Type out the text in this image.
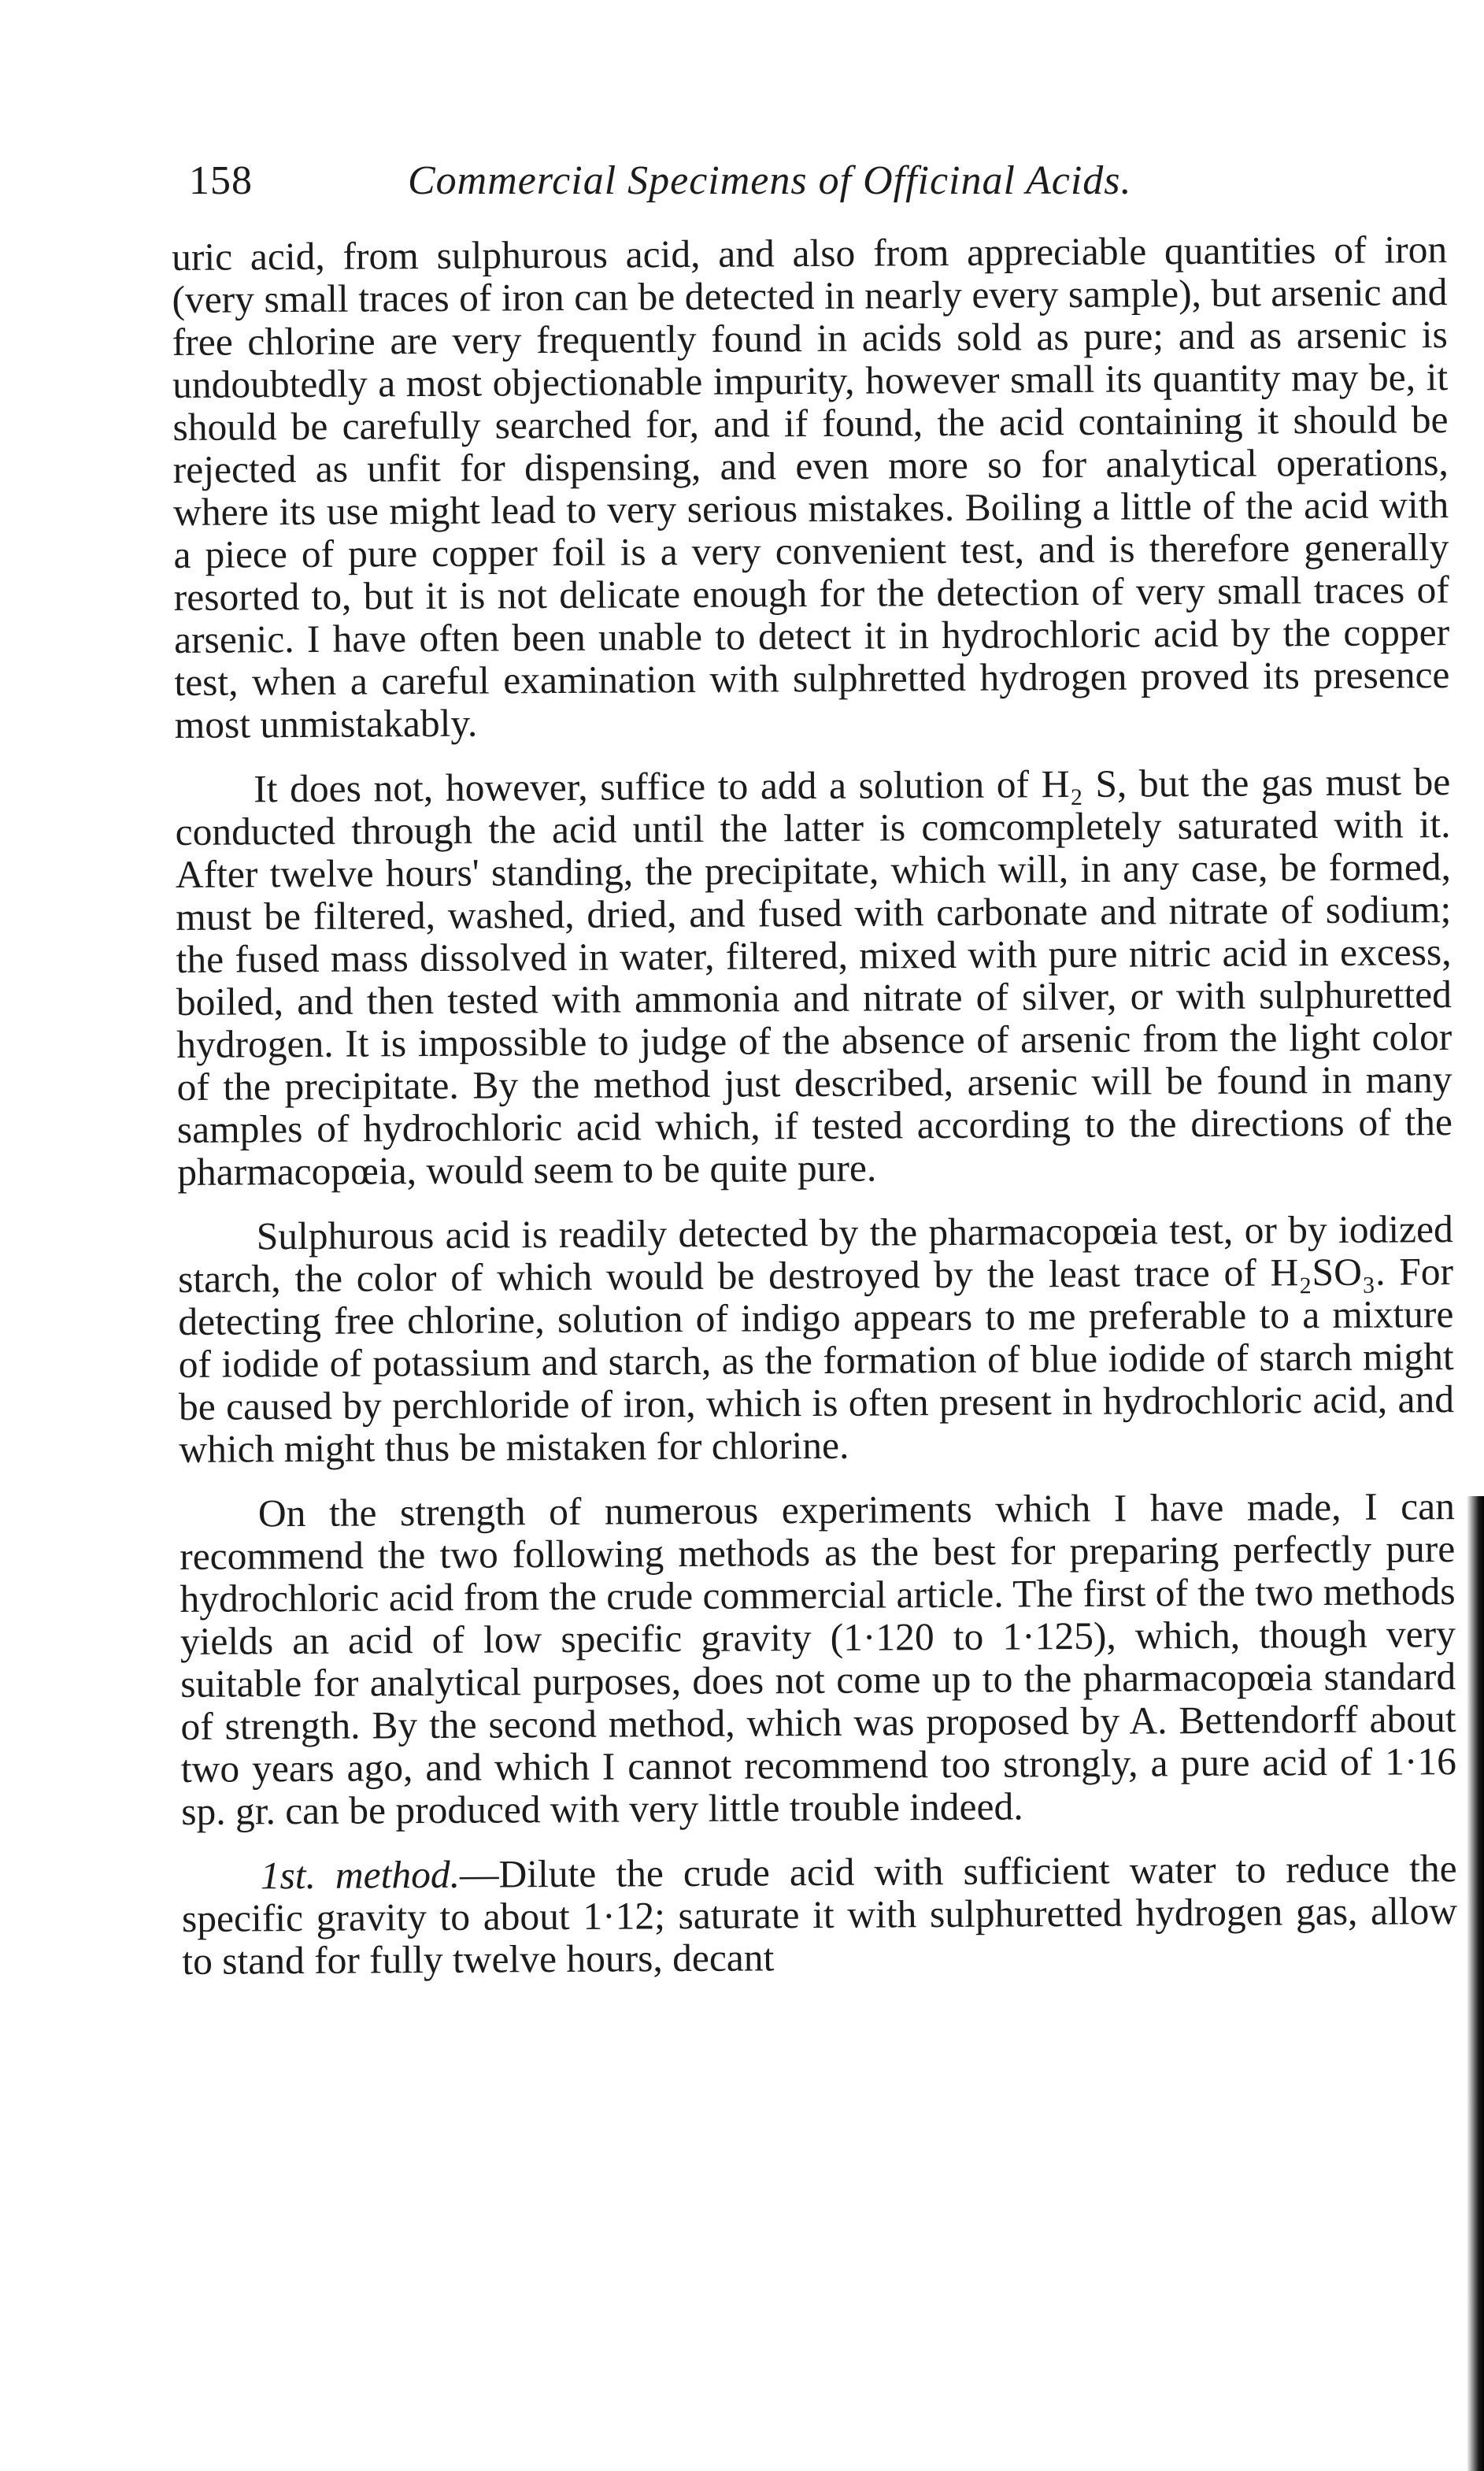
158	Commercial Specimens of Officinal Acids.

uric acid, from sulphurous acid, and also from appreciable quantities of iron (very small traces of iron can be detected in nearly every sample), but arsenic and free chlorine are very frequently found in acids sold as pure; and as arsenic is undoubtedly a most objectionable impurity, however small its quantity may be, it should be carefully searched for, and if found, the acid containing it should be rejected as unfit for dispensing, and even more so for analytical operations, where its use might lead to very serious mistakes. Boiling a little of the acid with a piece of pure copper foil is a very convenient test, and is therefore generally resorted to, but it is not delicate enough for the detection of very small traces of arsenic. I have often been unable to detect it in hydrochloric acid by the copper test, when a careful examination with sulphretted hydrogen proved its presence most unmistakably.

It does not, however, suffice to add a solution of H₂ S, but the gas must be conducted through the acid until the latter is comcompletely saturated with it. After twelve hours' standing, the precipitate, which will, in any case, be formed, must be filtered, washed, dried, and fused with carbonate and nitrate of sodium; the fused mass dissolved in water, filtered, mixed with pure nitric acid in excess, boiled, and then tested with ammonia and nitrate of silver, or with sulphuretted hydrogen. It is impossible to judge of the absence of arsenic from the light color of the precipitate. By the method just described, arsenic will be found in many samples of hydrochloric acid which, if tested according to the directions of the pharmacopœia, would seem to be quite pure.

Sulphurous acid is readily detected by the pharmacopœia test, or by iodized starch, the color of which would be destroyed by the least trace of H₂SO₃. For detecting free chlorine, solution of indigo appears to me preferable to a mixture of iodide of potassium and starch, as the formation of blue iodide of starch might be caused by perchloride of iron, which is often present in hydrochloric acid, and which might thus be mistaken for chlorine.

On the strength of numerous experiments which I have made, I can recommend the two following methods as the best for preparing perfectly pure hydrochloric acid from the crude commercial article. The first of the two methods yields an acid of low specific gravity (1·120 to 1·125), which, though very suitable for analytical purposes, does not come up to the pharmacopœia standard of strength. By the second method, which was proposed by A. Bettendorff about two years ago, and which I cannot recommend too strongly, a pure acid of 1·16 sp. gr. can be produced with very little trouble indeed.

1st. method.—Dilute the crude acid with sufficient water to reduce the specific gravity to about 1·12; saturate it with sulphuretted hydrogen gas, allow to stand for fully twelve hours, decant
